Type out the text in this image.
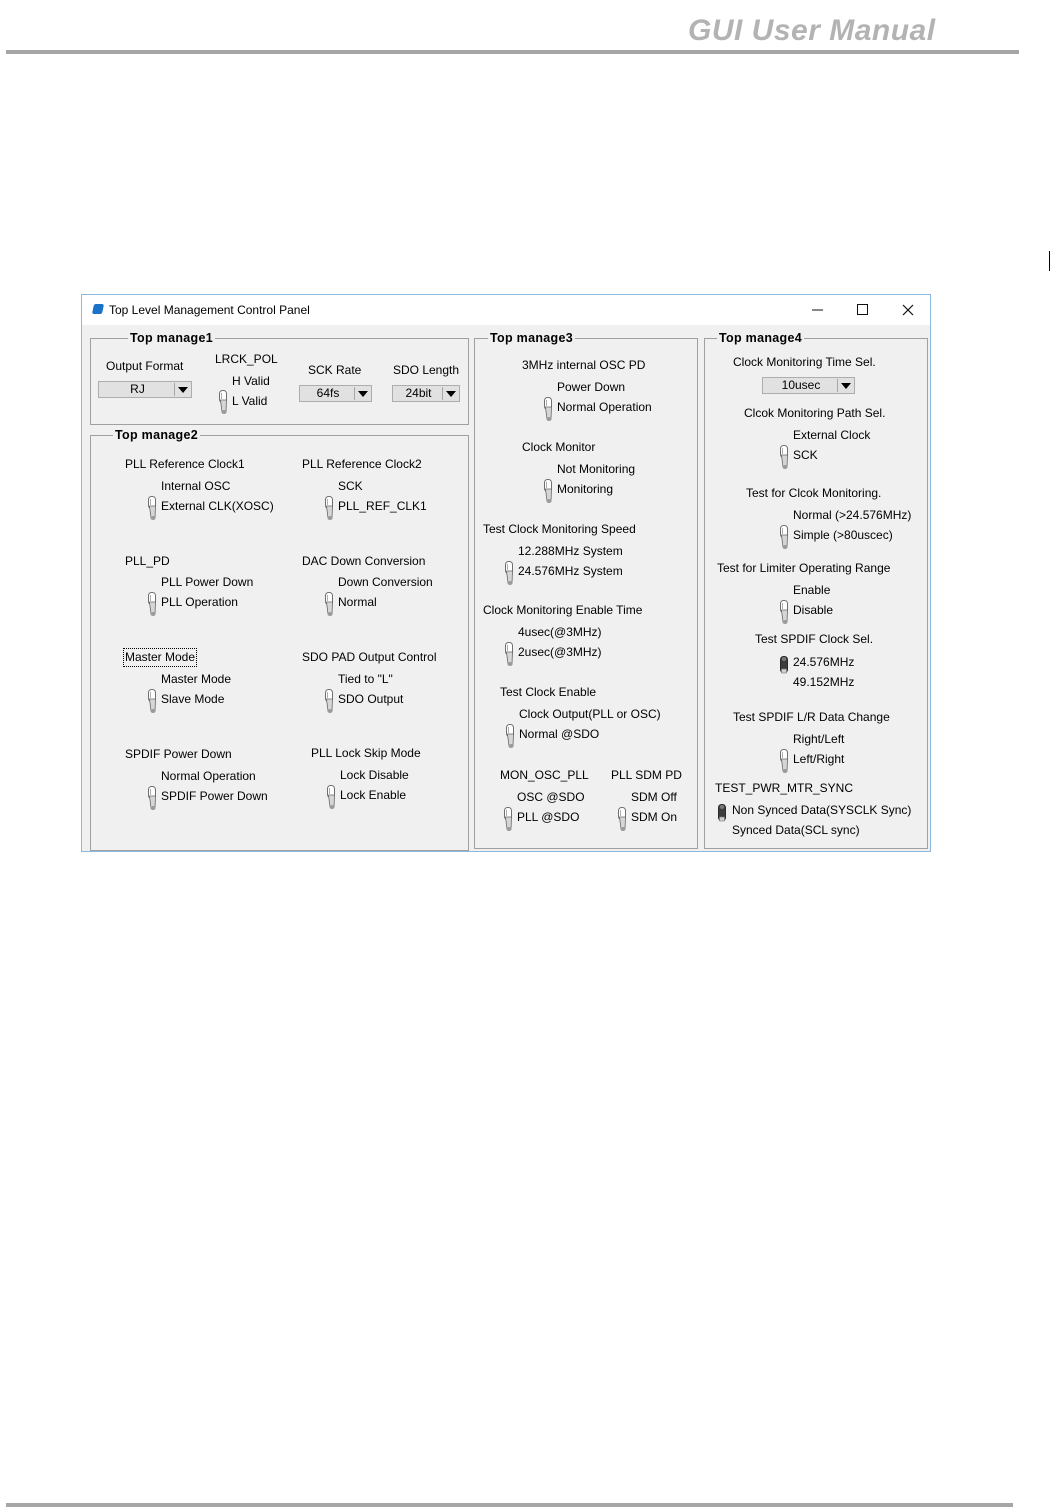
GUI User Manual
Top Level Management Control Panel
Top manage1
Output Format
RJ
LRCK_POL
H Valid
L Valid
SCK Rate
64fs
SDO Length
24bit
Top manage2
PLL Reference Clock1
Internal OSC
External CLK(XOSC)
PLL Reference Clock2
SCK
PLL_REF_CLK1
PLL_PD
PLL Power Down
PLL Operation
DAC Down Conversion
Down Conversion
Normal
Master Mode
Master Mode
Slave Mode
SDO PAD Output Control
Tied to "L"
SDO Output
SPDIF Power Down
Normal Operation
SPDIF Power Down
PLL Lock Skip Mode
Lock Disable
Lock Enable
Top manage3
3MHz internal OSC PD
Power Down
Normal Operation
Clock Monitor
Not Monitoring
Monitoring
Test Clock Monitoring Speed
12.288MHz System
24.576MHz System
Clock Monitoring Enable Time
4usec(@3MHz)
2usec(@3MHz)
Test Clock Enable
Clock Output(PLL or OSC)
Normal @SDO
MON_OSC_PLL
OSC @SDO
PLL @SDO
PLL SDM PD
SDM Off
SDM On
Top manage4
Clock Monitoring Time Sel.
10usec
Clcok Monitoring Path Sel.
External Clock
SCK
Test for Clcok Monitoring.
Normal (>24.576MHz)
Simple (>80uscec)
Test for Limiter Operating Range
Enable
Disable
Test SPDIF Clock Sel.
24.576MHz
49.152MHz
Test SPDIF L/R Data Change
Right/Left
Left/Right
TEST_PWR_MTR_SYNC
Non Synced Data(SYSCLK Sync)
Synced Data(SCL sync)
